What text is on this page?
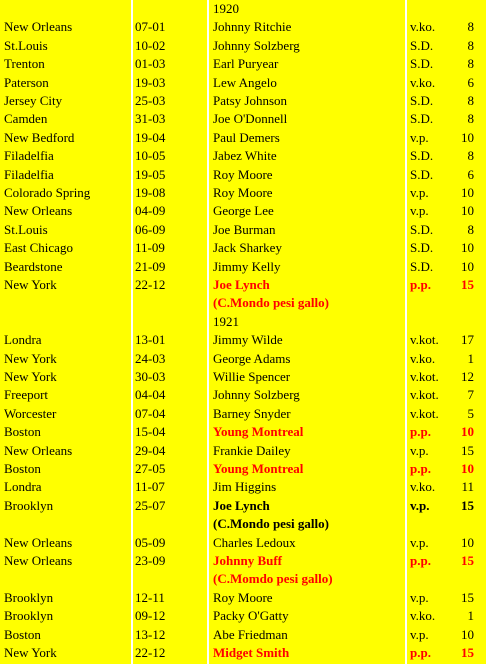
1920
New Orleans	07-01	Johnny Ritchie	v.ko. 8
St.Louis	10-02	Johnny Solzberg	S.D.	8
Trenton	01-03	Earl Puryear	S.D.	8
Paterson	19-03	Lew Angelo	v.ko. 6
Jersey City	25-03	Patsy Johnson	S.D.	8
Camden	31-03	Joe O'Donnell	S.D.	8
New Bedford	19-04	Paul Demers	v.p. 10
Filadelfia	10-05	Jabez White	S.D.	8
Filadelfia	19-05	Roy Moore	S.D.	6
Colorado Spring	19-08	Roy Moore	v.p. 10
New Orleans	04-09	George Lee	v.p. 10
St.Louis	06-09	Joe Burman	S.D.	8
East Chicago	11-09	Jack Sharkey	S.D. 10
Beardstone	21-09	Jimmy Kelly	S.D. 10
New York	22-12	Joe Lynch	p.p. 15
(C.Mondo pesi gallo)
1921
Londra	13-01	Jimmy Wilde	v.kot. 17
New York	24-03	George Adams	v.ko. 1
New York	30-03	Willie Spencer	v.kot. 12
Freeport	04-04	Johnny Solzberg	v.kot. 7
Worcester	07-04	Barney Snyder	v.kot. 5
Boston	15-04	Young Montreal	p.p. 10
New Orleans	29-04	Frankie Dailey	v.p. 15
Boston	27-05	Young Montreal	p.p. 10
Londra	11-07	Jim Higgins	v.ko. 11
Brooklyn	25-07	Joe Lynch	v.p. 15
(C.Mondo pesi gallo)
New Orleans	05-09	Charles Ledoux	v.p. 10
New Orleans	23-09	Johnny Buff	p.p. 15
(C.Momdo pesi gallo)
Brooklyn	12-11	Roy Moore	v.p. 15
Brooklyn	09-12	Packy O'Gatty	v.ko. 1
Boston	13-12	Abe Friedman	v.p. 10
New York	22-12	Midget Smith	p.p. 15
